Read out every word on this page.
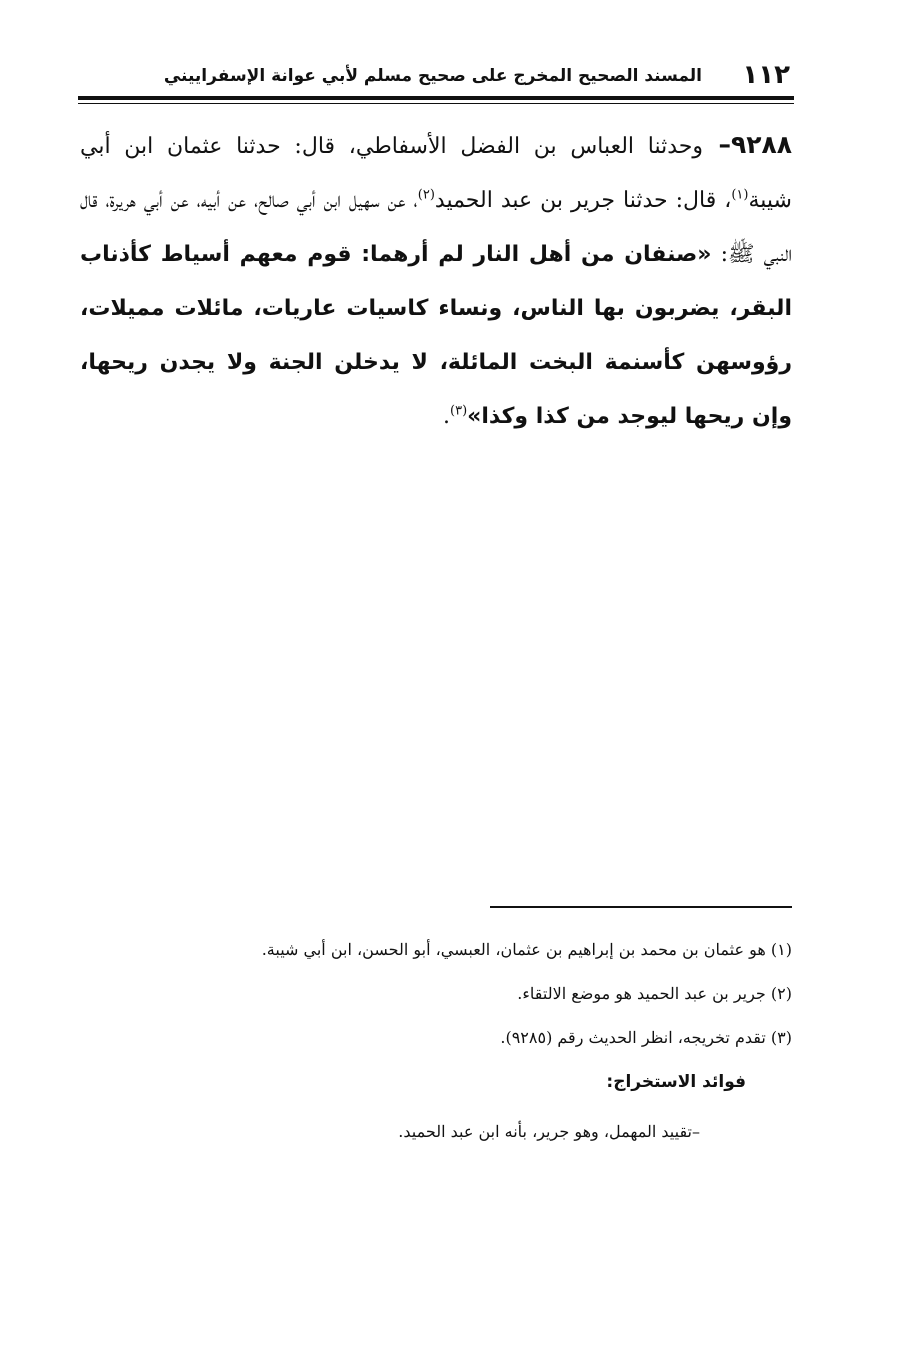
١١٢
المسند الصحيح المخرج على صحيح مسلم لأبي عوانة الإسفراييني
٩٢٨٨– وحدثنا العباس بن الفضل الأسفاطي، قال: حدثنا عثمان ابن أبي شيبة$^{(١)}$، قال: حدثنا جرير بن عبد الحميد$^{(٢)}$، عن سهيل ابن أبي صالح، عن أبيه، عن أبي هريرة، قال النبي ﷺ: «صنفان من أهل النار لم أرهما: قوم معهم أسياط كأذناب البقر، يضربون بها الناس، ونساء كاسيات عاريات، مائلات مميلات، رؤوسهن كأسنمة البخت المائلة، لا يدخلن الجنة ولا يجدن ريحها، وإن ريحها ليوجد من كذا وكذا»$^{(٣)}$.
(١) هو عثمان بن محمد بن إبراهيم بن عثمان، العبسي، أبو الحسن، ابن أبي شيبة.
(٢) جرير بن عبد الحميد هو موضع الالتقاء.
(٣) تقدم تخريجه، انظر الحديث رقم (٩٢٨٥).
فوائد الاستخراج:
–تقييد المهمل، وهو جرير، بأنه ابن عبد الحميد.
